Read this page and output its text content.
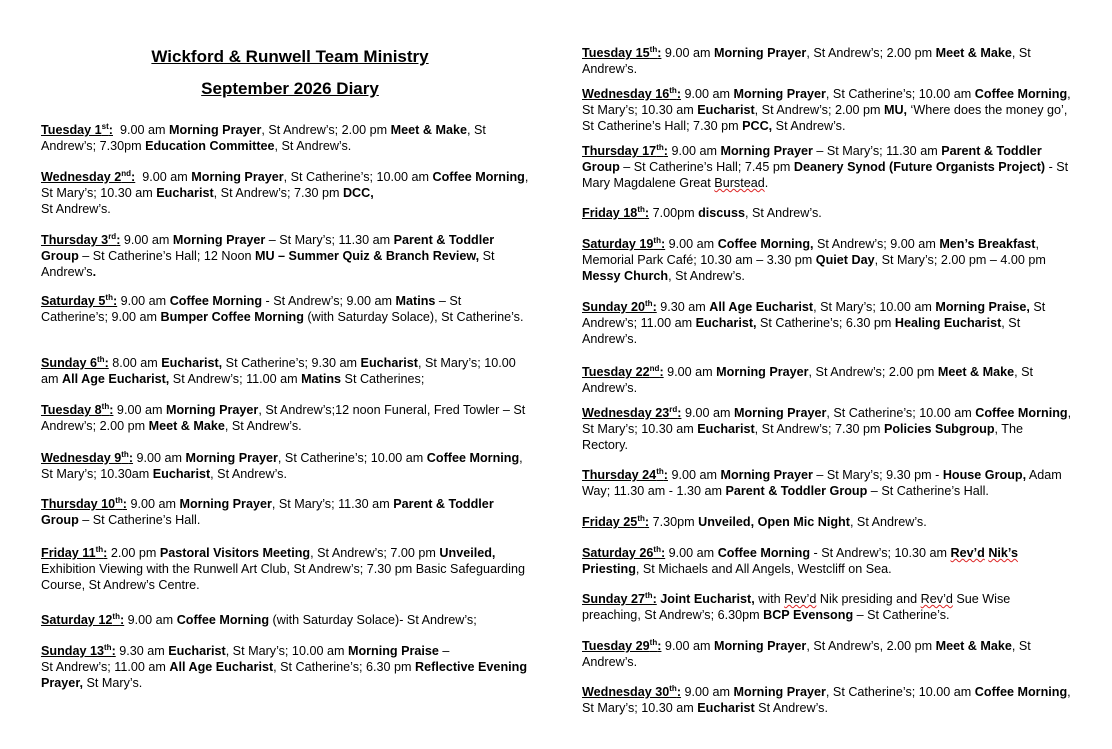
Wickford & Runwell Team Ministry
September 2026 Diary
Tuesday 1st:  9.00 am Morning Prayer, St Andrew’s; 2.00 pm Meet & Make, St Andrew’s; 7.30pm Education Committee, St Andrew’s.
Wednesday 2nd:  9.00 am Morning Prayer, St Catherine’s; 10.00 am Coffee Morning, St Mary’s; 10.30 am Eucharist, St Andrew’s; 7.30 pm DCC,
St Andrew’s.
Thursday 3rd: 9.00 am Morning Prayer – St Mary’s; 11.30 am Parent & Toddler Group – St Catherine’s Hall; 12 Noon MU – Summer Quiz & Branch Review, St Andrew’s.
Saturday 5th: 9.00 am Coffee Morning - St Andrew’s; 9.00 am Matins – St Catherine’s; 9.00 am Bumper Coffee Morning (with Saturday Solace), St Catherine’s.
Sunday 6th: 8.00 am Eucharist, St Catherine’s; 9.30 am Eucharist, St Mary’s; 10.00 am All Age Eucharist, St Andrew’s; 11.00 am Matins St Catherines;
Tuesday 8th: 9.00 am Morning Prayer, St Andrew’s;12 noon Funeral, Fred Towler – St Andrew’s; 2.00 pm Meet & Make, St Andrew’s.
Wednesday 9th: 9.00 am Morning Prayer, St Catherine’s; 10.00 am Coffee Morning, St Mary’s; 10.30am Eucharist, St Andrew’s.
Thursday 10th: 9.00 am Morning Prayer, St Mary’s; 11.30 am Parent & Toddler Group – St Catherine’s Hall.
Friday 11th: 2.00 pm Pastoral Visitors Meeting, St Andrew’s; 7.00 pm Unveiled, Exhibition Viewing with the Runwell Art Club, St Andrew’s; 7.30 pm Basic Safeguarding Course, St Andrew’s Centre.
Saturday 12th: 9.00 am Coffee Morning (with Saturday Solace)- St Andrew’s;
Sunday 13th: 9.30 am Eucharist, St Mary’s; 10.00 am Morning Praise –
St Andrew’s; 11.00 am All Age Eucharist, St Catherine’s; 6.30 pm Reflective Evening Prayer, St Mary’s.
Tuesday 15th: 9.00 am Morning Prayer, St Andrew’s; 2.00 pm Meet & Make, St Andrew’s.
Wednesday 16th: 9.00 am Morning Prayer, St Catherine’s; 10.00 am Coffee Morning, St Mary’s; 10.30 am Eucharist, St Andrew’s; 2.00 pm MU, ‘Where does the money go’, St Catherine’s Hall; 7.30 pm PCC, St Andrew’s.
Thursday 17th: 9.00 am Morning Prayer – St Mary’s; 11.30 am Parent & Toddler Group – St Catherine’s Hall; 7.45 pm Deanery Synod (Future Organists Project) - St Mary Magdalene Great Burstead.
Friday 18th: 7.00pm discuss, St Andrew’s.
Saturday 19th: 9.00 am Coffee Morning, St Andrew’s; 9.00 am Men’s Breakfast, Memorial Park Café; 10.30 am – 3.30 pm Quiet Day, St Mary’s; 2.00 pm – 4.00 pm Messy Church, St Andrew’s.
Sunday 20th: 9.30 am All Age Eucharist, St Mary’s; 10.00 am Morning Praise, St Andrew’s; 11.00 am Eucharist, St Catherine’s; 6.30 pm Healing Eucharist, St Andrew’s.
Tuesday 22nd: 9.00 am Morning Prayer, St Andrew’s; 2.00 pm Meet & Make, St Andrew’s.
Wednesday 23rd: 9.00 am Morning Prayer, St Catherine’s; 10.00 am Coffee Morning, St Mary’s; 10.30 am Eucharist, St Andrew’s; 7.30 pm Policies Subgroup, The Rectory.
Thursday 24th: 9.00 am Morning Prayer – St Mary’s; 9.30 pm - House Group, Adam Way; 11.30 am - 1.30 am Parent & Toddler Group – St Catherine’s Hall.
Friday 25th: 7.30pm Unveiled, Open Mic Night, St Andrew’s.
Saturday 26th: 9.00 am Coffee Morning - St Andrew’s; 10.30 am Rev’d Nik’s Priesting, St Michaels and All Angels, Westcliff on Sea.
Sunday 27th: Joint Eucharist, with Rev’d Nik presiding and Rev’d Sue Wise preaching, St Andrew’s; 6.30pm BCP Evensong – St Catherine’s.
Tuesday 29th: 9.00 am Morning Prayer, St Andrew’s, 2.00 pm Meet & Make, St Andrew’s.
Wednesday 30th: 9.00 am Morning Prayer, St Catherine’s; 10.00 am Coffee Morning, St Mary’s; 10.30 am Eucharist St Andrew’s.
